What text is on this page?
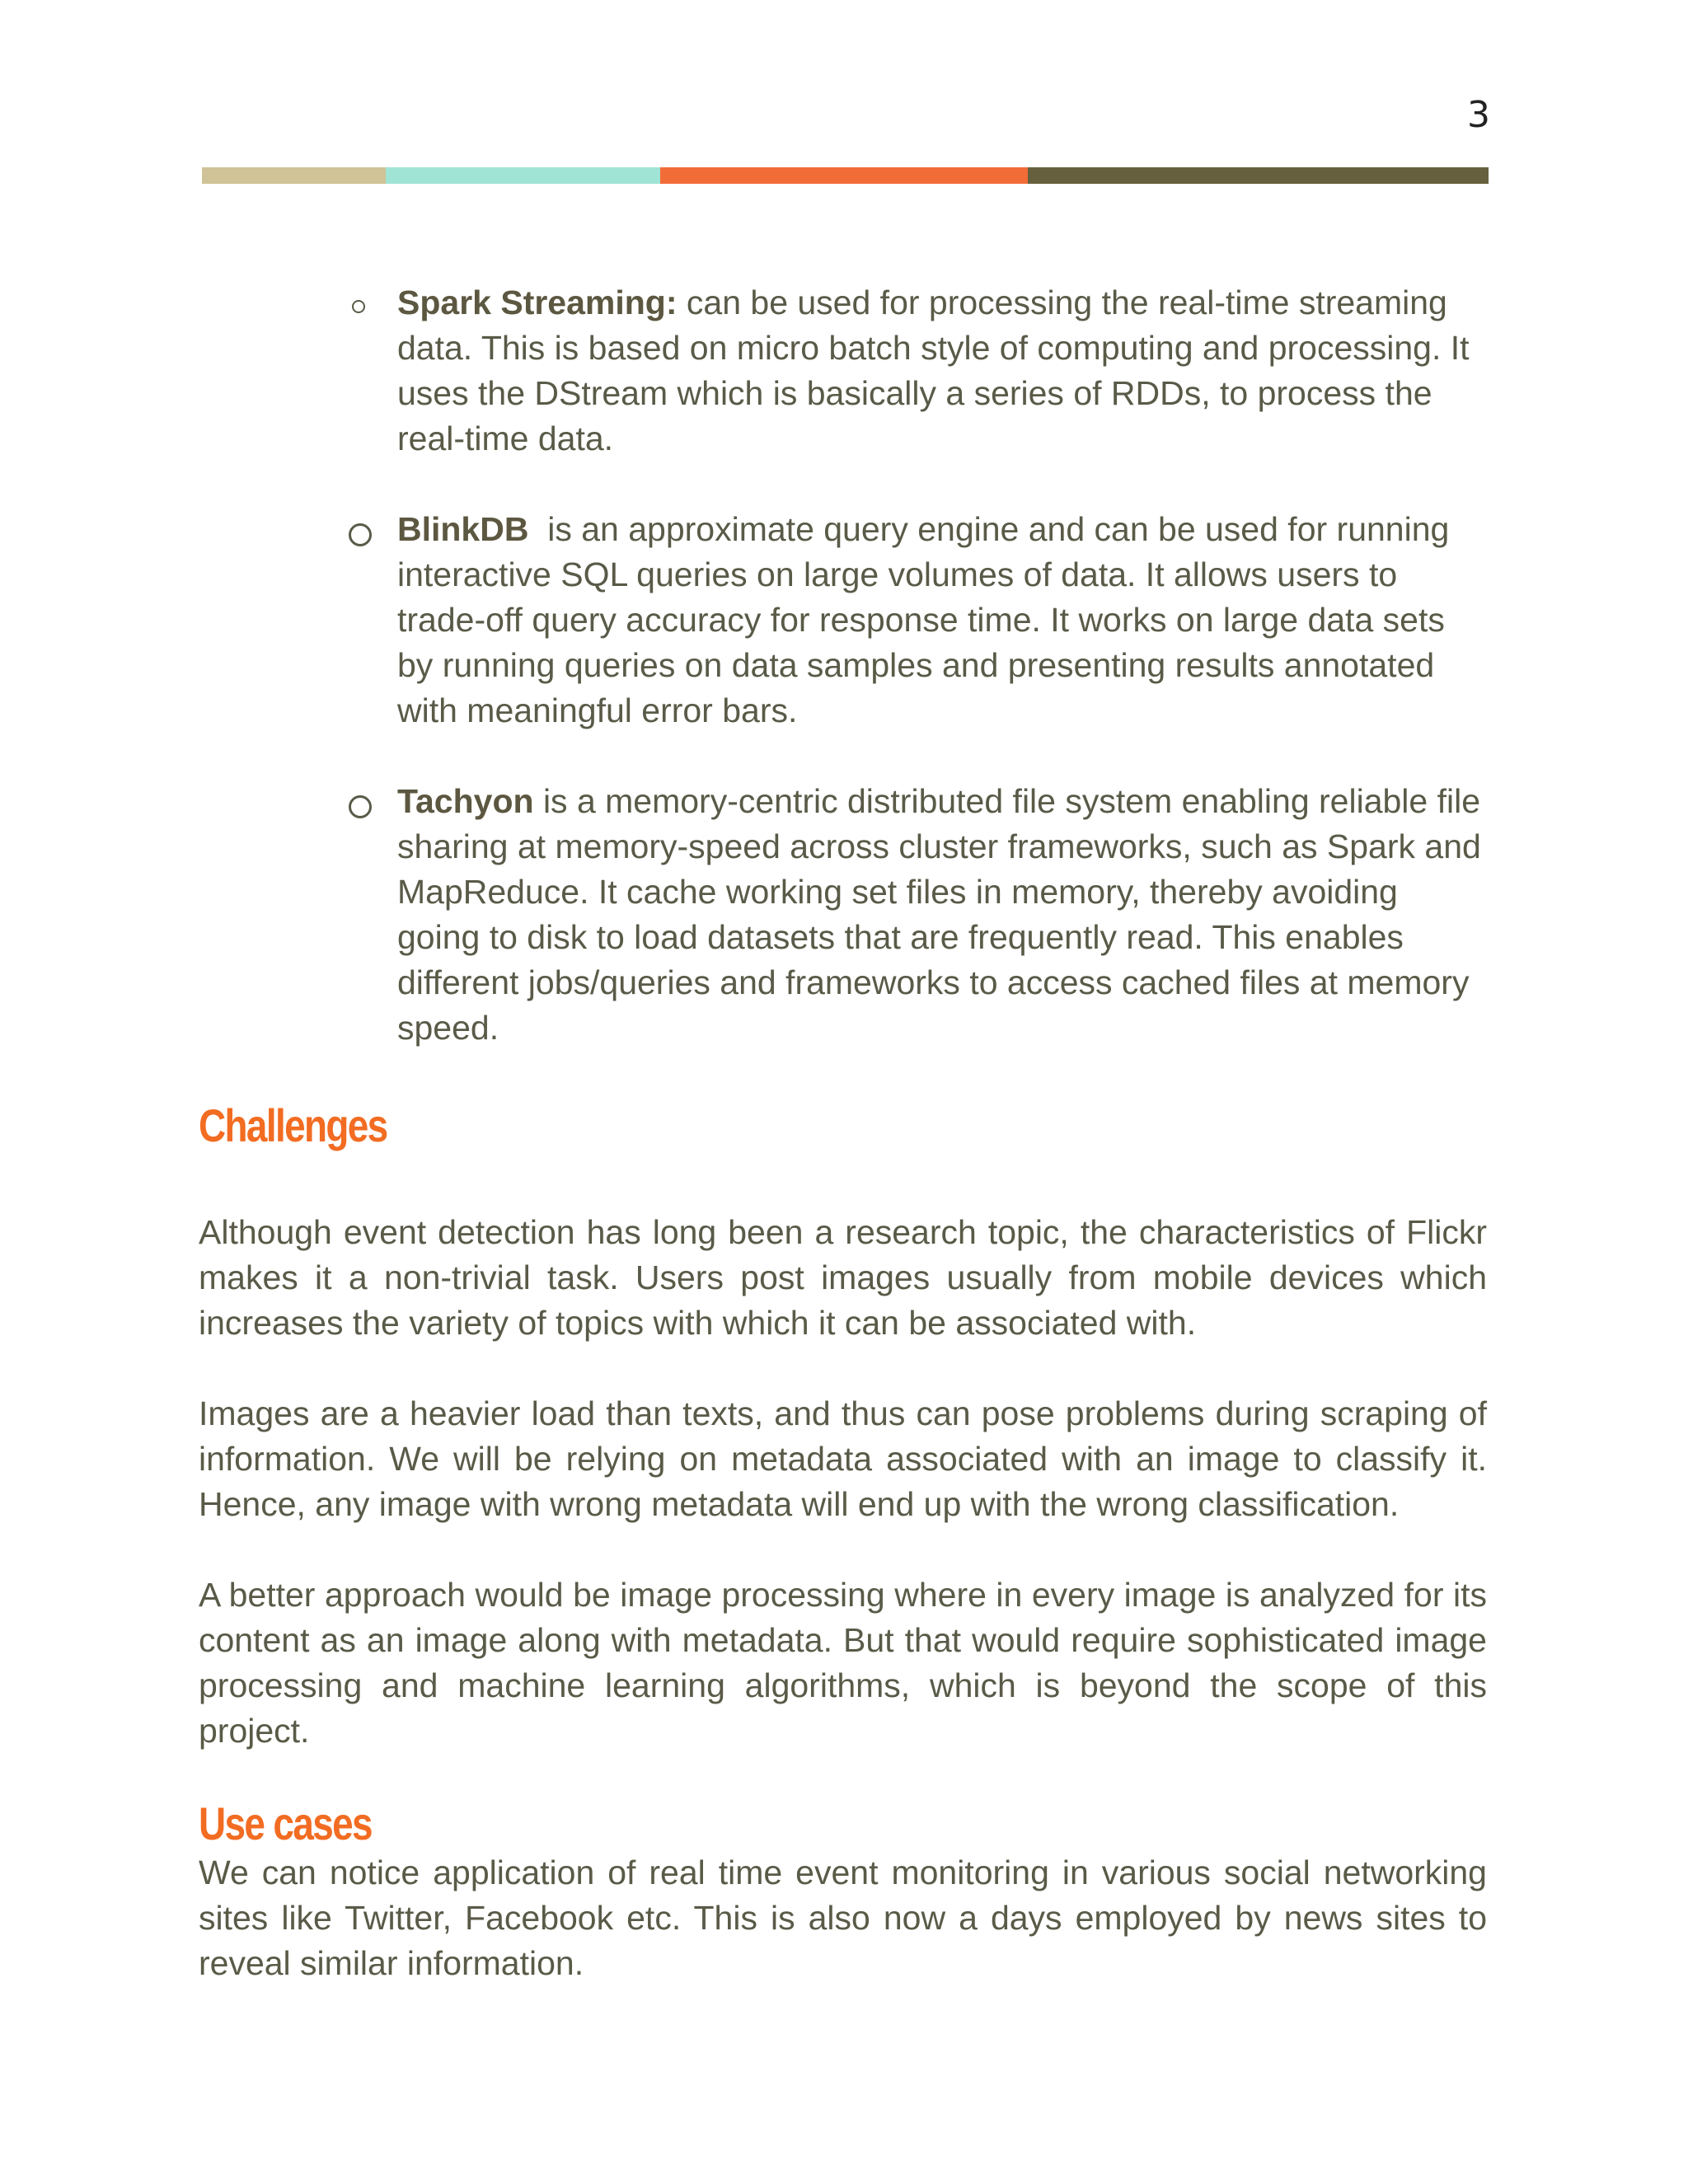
3
Spark Streaming: can be used for processing the real-time streaming data. This is based on micro batch style of computing and processing. It uses the DStream which is basically a series of RDDs, to process the real-time data.
BlinkDB  is an approximate query engine and can be used for running interactive SQL queries on large volumes of data. It allows users to trade-off query accuracy for response time. It works on large data sets by running queries on data samples and presenting results annotated with meaningful error bars.
Tachyon is a memory-centric distributed file system enabling reliable file sharing at memory-speed across cluster frameworks, such as Spark and MapReduce. It cache working set files in memory, thereby avoiding going to disk to load datasets that are frequently read. This enables different jobs/queries and frameworks to access cached files at memory speed.
Challenges

Although event detection has long been a research topic, the characteristics of Flickr makes it a non-trivial task. Users post images usually from mobile devices which increases the variety of topics with which it can be associated with.

Images are a heavier load than texts, and thus can pose problems during scraping of information. We will be relying on metadata associated with an image to classify it. Hence, any image with wrong metadata will end up with the wrong classification.

A better approach would be image processing where in every image is analyzed for its content as an image along with metadata. But that would require sophisticated image processing and machine learning algorithms, which is beyond the scope of this project.

Use cases

We can notice application of real time event monitoring in various social networking sites like Twitter, Facebook etc. This is also now a days employed by news sites to reveal similar information.
